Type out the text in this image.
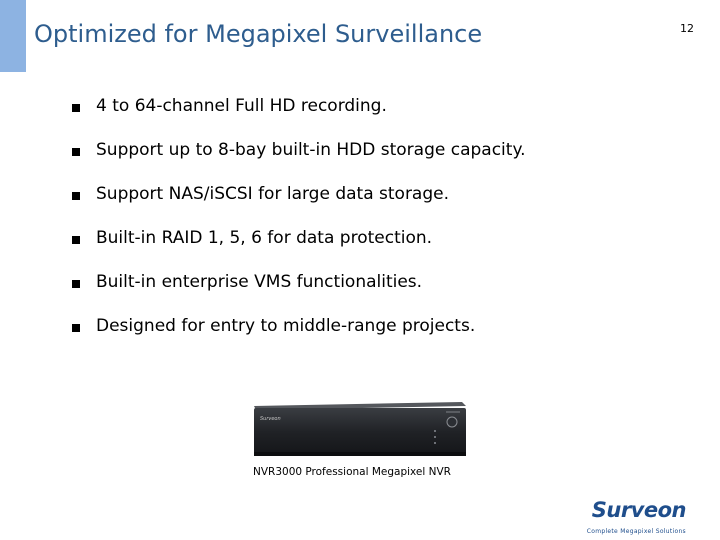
Optimized for Megapixel Surveillance	12
4 to 64-channel Full HD recording.
Support up to 8-bay built-in HDD storage capacity.
Support NAS/iSCSI for large data storage.
Built-in RAID 1, 5, 6 for data protection.
Built-in enterprise VMS functionalities.
Designed for entry to middle-range projects.
Surveon
NVR3000 Professional Megapixel NVR
Surveon
Complete Megapixel Solutions
